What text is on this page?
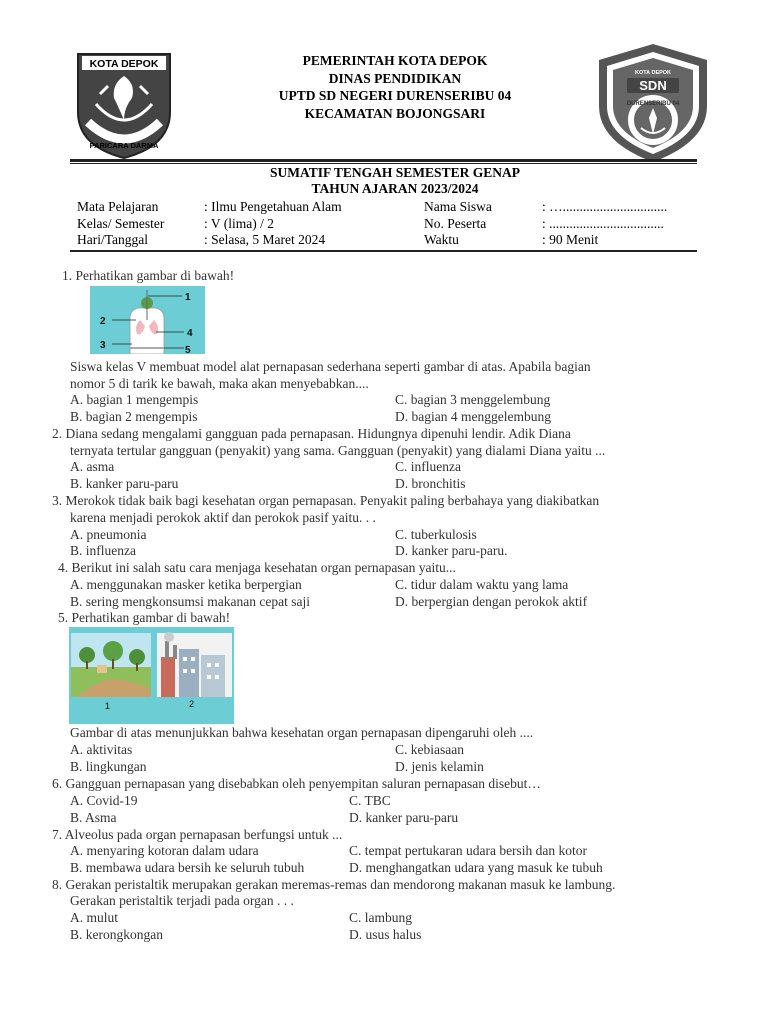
KOTA DEPOK
PARICARA DARMA
PEMERINTAH KOTA DEPOK
DINAS PENDIDIKAN
UPTD SD NEGERI DURENSERIBU 04
KECAMATAN BOJONGSARI
KOTA DEPOK
SDN
DURENSERIBU 04
SUMATIF TENGAH SEMESTER GENAP
TAHUN AJARAN 2023/2024
Mata Pelajaran	: Ilmu Pengetahuan Alam	Nama Siswa	: …...............................
Kelas/ Semester	: V (lima) / 2	No. Peserta	: ..................................
Hari/Tanggal	: Selasa, 5 Maret 2024	Waktu	: 90 Menit
1. Perhatikan gambar di bawah!
1
2
3
4
5
Siswa kelas V membuat model alat pernapasan sederhana seperti gambar di atas. Apabila bagian
nomor 5 di tarik ke bawah, maka akan menyebabkan....
A. bagian 1 mengempis	C. bagian 3 menggelembung
B. bagian 2 mengempis	D. bagian 4 menggelembung
2. Diana sedang mengalami gangguan pada pernapasan. Hidungnya dipenuhi lendir. Adik Diana
ternyata tertular gangguan (penyakit) yang sama. Gangguan (penyakit) yang dialami Diana yaitu ...
A. asma	C. influenza
B. kanker paru-paru	D. bronchitis
3. Merokok tidak baik bagi kesehatan organ pernapasan. Penyakit paling berbahaya yang diakibatkan
karena menjadi perokok aktif dan perokok pasif yaitu. . .
A. pneumonia	C. tuberkulosis
B. influenza	D. kanker paru-paru.
4. Berikut ini salah satu cara menjaga kesehatan organ pernapasan yaitu...
A. menggunakan masker ketika berpergian	C. tidur dalam waktu yang lama
B. sering mengkonsumsi makanan cepat saji	D. berpergian dengan perokok aktif
5. Perhatikan gambar di bawah!
1	2
Gambar di atas menunjukkan bahwa kesehatan organ pernapasan dipengaruhi oleh ....
A. aktivitas	C. kebiasaan
B. lingkungan	D. jenis kelamin
6. Gangguan pernapasan yang disebabkan oleh penyempitan saluran pernapasan disebut…
A. Covid-19	C. TBC
B. Asma	D. kanker paru-paru
7. Alveolus pada organ pernapasan berfungsi untuk ...
A. menyaring kotoran dalam udara	C. tempat pertukaran udara bersih dan kotor
B. membawa udara bersih ke seluruh tubuh	D. menghangatkan udara yang masuk ke tubuh
8. Gerakan peristaltik merupakan gerakan meremas-remas dan mendorong makanan masuk ke lambung.
Gerakan peristaltik terjadi pada organ . . .
A. mulut	C. lambung
B. kerongkongan	D. usus halus
